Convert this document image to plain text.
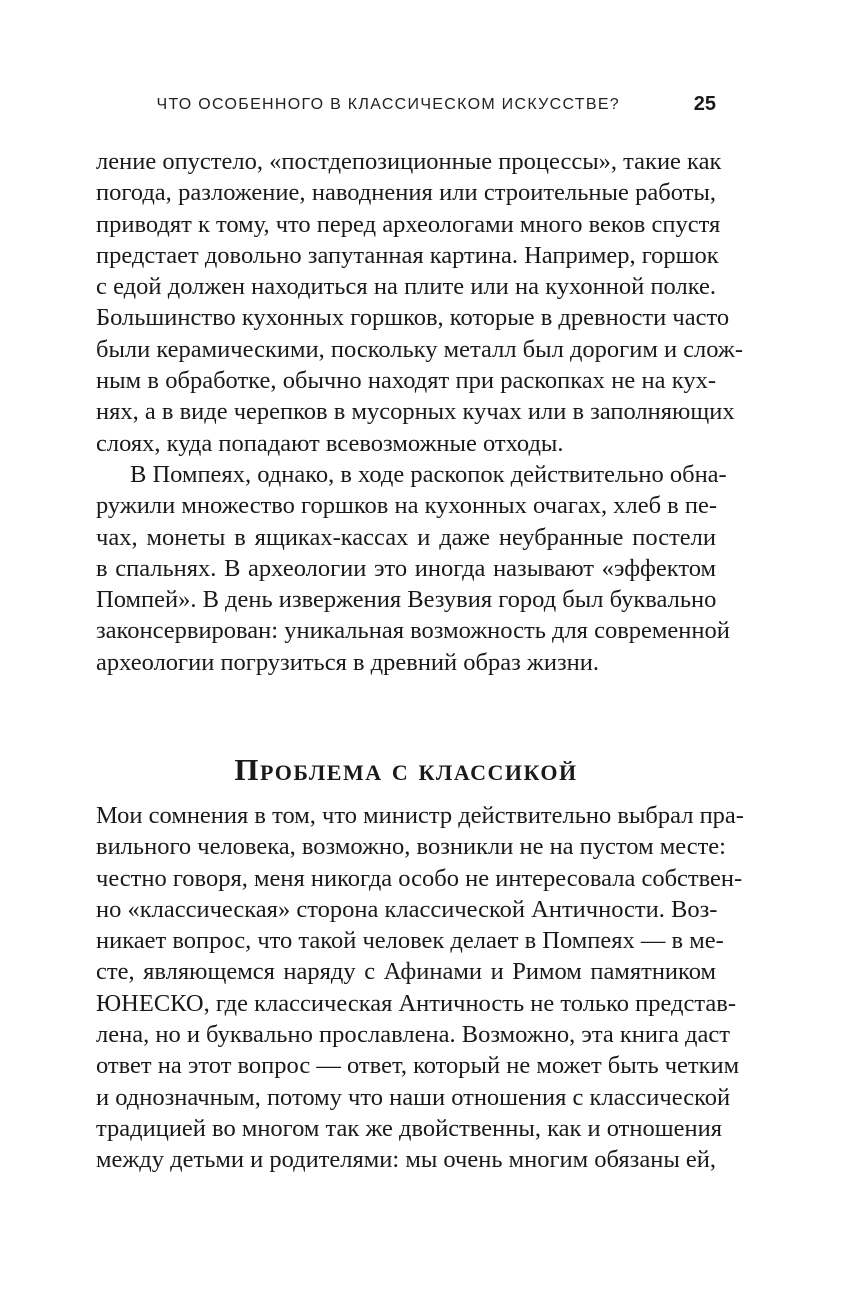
ЧТО ОСОБЕННОГО В КЛАССИЧЕСКОМ ИСКУССТВЕ?	25
ление опустело, «постдепозиционные процессы», такие как
погода, разложение, наводнения или строительные работы,
приводят к тому, что перед археологами много веков спустя
предстает довольно запутанная картина. Например, горшок
с едой должен находиться на плите или на кухонной полке.
Большинство кухонных горшков, которые в древности часто
были керамическими, поскольку металл был дорогим и слож-
ным в обработке, обычно находят при раскопках не на кух-
нях, а в виде черепков в мусорных кучах или в заполняющих
слоях, куда попадают всевозможные отходы.
В Помпеях, однако, в ходе раскопок действительно обна-
ружили множество горшков на кухонных очагах, хлеб в пе-
чах, монеты в ящиках-кассах и даже неубранные постели
в спальнях. В археологии это иногда называют «эффектом
Помпей». В день извержения Везувия город был буквально
законсервирован: уникальная возможность для современной
археологии погрузиться в древний образ жизни.
Проблема с классикой
Мои сомнения в том, что министр действительно выбрал пра-
вильного человека, возможно, возникли не на пустом месте:
честно говоря, меня никогда особо не интересовала собствен-
но «классическая» сторона классической Античности. Воз-
никает вопрос, что такой человек делает в Помпеях — в ме-
сте, являющемся наряду с Афинами и Римом памятником
ЮНЕСКО, где классическая Античность не только представ-
лена, но и буквально прославлена. Возможно, эта книга даст
ответ на этот вопрос — ответ, который не может быть четким
и однозначным, потому что наши отношения с классической
традицией во многом так же двойственны, как и отношения
между детьми и родителями: мы очень многим обязаны ей,
